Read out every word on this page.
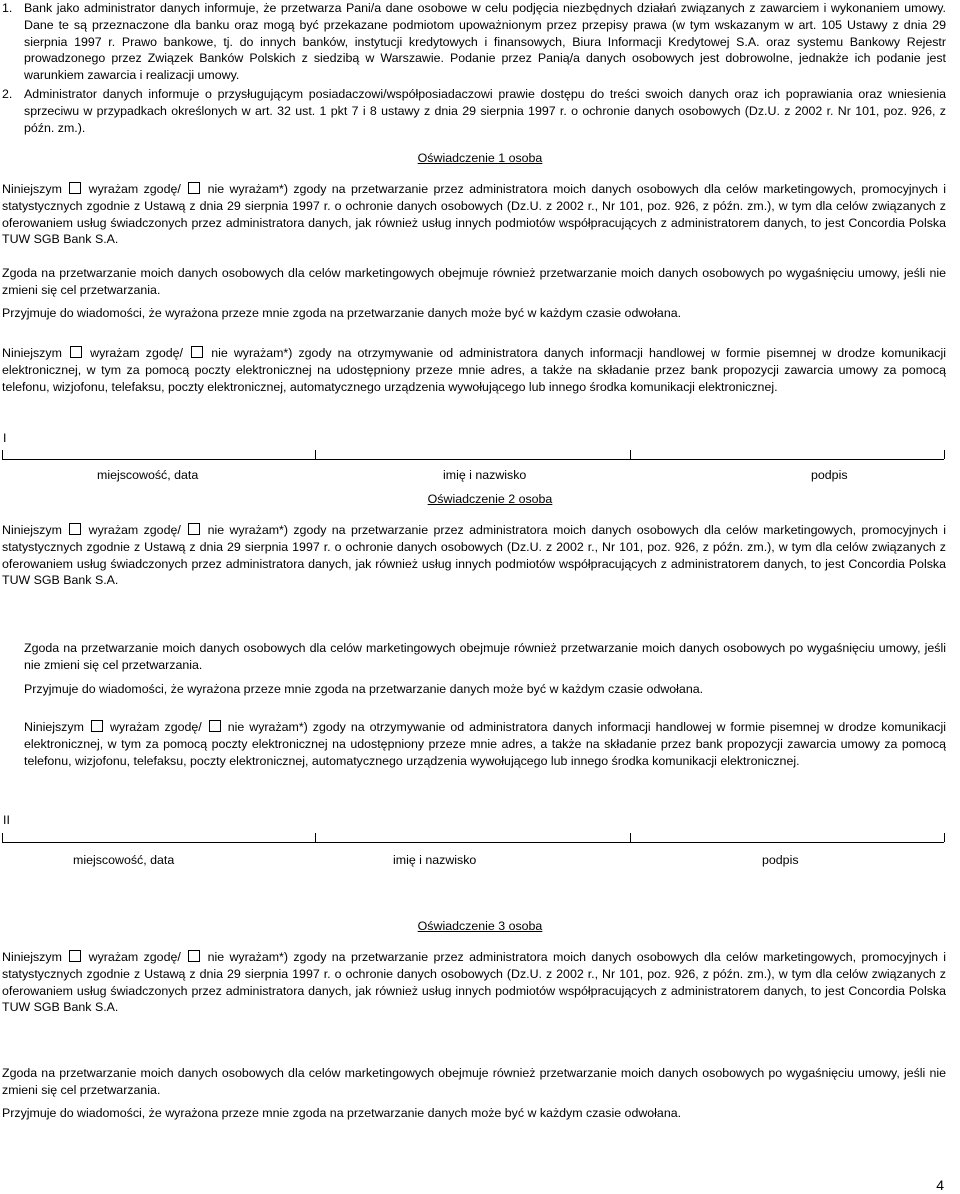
1. Bank jako administrator danych informuje, że przetwarza Pani/a dane osobowe w celu podjęcia niezbędnych działań związanych z zawarciem i wykonaniem umowy. Dane te są przeznaczone dla banku oraz mogą być przekazane podmiotom upoważnionym przez przepisy prawa (w tym wskazanym w art. 105 Ustawy z dnia 29 sierpnia 1997 r. Prawo bankowe, tj. do innych banków, instytucji kredytowych i finansowych, Biura Informacji Kredytowej S.A. oraz systemu Bankowy Rejestr prowadzonego przez Związek Banków Polskich z siedzibą w Warszawie. Podanie przez Panią/a danych osobowych jest dobrowolne, jednakże ich podanie jest warunkiem zawarcia i realizacji umowy.
2. Administrator danych informuje o przysługującym posiadaczowi/współposiadaczowi prawie dostępu do treści swoich danych oraz ich poprawiania oraz wniesienia sprzeciwu w przypadkach określonych w art. 32 ust. 1 pkt 7 i 8 ustawy z dnia 29 sierpnia 1997 r. o ochronie danych osobowych (Dz.U. z 2002 r. Nr 101, poz. 926, z późn. zm.).
Oświadczenie 1 osoba

Niniejszym wyrażam zgodę/ nie wyrażam*) zgody na przetwarzanie przez administratora moich danych osobowych dla celów marketingowych, promocyjnych i statystycznych zgodnie z Ustawą z dnia 29 sierpnia 1997 r. o ochronie danych osobowych (Dz.U. z 2002 r., Nr 101, poz. 926, z późn. zm.), w tym dla celów związanych z oferowaniem usług świadczonych przez administratora danych, jak również usług innych podmiotów współpracujących z administratorem danych, to jest Concordia Polska TUW SGB Bank S.A.

Zgoda na przetwarzanie moich danych osobowych dla celów marketingowych obejmuje również przetwarzanie moich danych osobowych po wygaśnięciu umowy, jeśli nie zmieni się cel przetwarzania.

Przyjmuje do wiadomości, że wyrażona przeze mnie zgoda na przetwarzanie danych może być w każdym czasie odwołana.

Niniejszym wyrażam zgodę/ nie wyrażam*) zgody na otrzymywanie od administratora danych informacji handlowej w formie pisemnej w drodze komunikacji elektronicznej, w tym za pomocą poczty elektronicznej na udostępniony przeze mnie adres, a także na składanie przez bank propozycji zawarcia umowy za pomocą telefonu, wizjofonu, telefaksu, poczty elektronicznej, automatycznego urządzenia wywołującego lub innego środka komunikacji elektronicznej.

I
miejscowość, data	imię i nazwisko	podpis
Oświadczenie 2 osoba

Niniejszym wyrażam zgodę/ nie wyrażam*) zgody na przetwarzanie przez administratora moich danych osobowych dla celów marketingowych, promocyjnych i statystycznych zgodnie z Ustawą z dnia 29 sierpnia 1997 r. o ochronie danych osobowych (Dz.U. z 2002 r., Nr 101, poz. 926, z późn. zm.), w tym dla celów związanych z oferowaniem usług świadczonych przez administratora danych, jak również usług innych podmiotów współpracujących z administratorem danych, to jest Concordia Polska TUW SGB Bank S.A.

Zgoda na przetwarzanie moich danych osobowych dla celów marketingowych obejmuje również przetwarzanie moich danych osobowych po wygaśnięciu umowy, jeśli nie zmieni się cel przetwarzania.

Przyjmuje do wiadomości, że wyrażona przeze mnie zgoda na przetwarzanie danych może być w każdym czasie odwołana.

Niniejszym wyrażam zgodę/ nie wyrażam*) zgody na otrzymywanie od administratora danych informacji handlowej w formie pisemnej w drodze komunikacji elektronicznej, w tym za pomocą poczty elektronicznej na udostępniony przeze mnie adres, a także na składanie przez bank propozycji zawarcia umowy za pomocą telefonu, wizjofonu, telefaksu, poczty elektronicznej, automatycznego urządzenia wywołującego lub innego środka komunikacji elektronicznej.

II
miejscowość, data	imię i nazwisko	podpis
Oświadczenie 3 osoba

Niniejszym wyrażam zgodę/ nie wyrażam*) zgody na przetwarzanie przez administratora moich danych osobowych dla celów marketingowych, promocyjnych i statystycznych zgodnie z Ustawą z dnia 29 sierpnia 1997 r. o ochronie danych osobowych (Dz.U. z 2002 r., Nr 101, poz. 926, z późn. zm.), w tym dla celów związanych z oferowaniem usług świadczonych przez administratora danych, jak również usług innych podmiotów współpracujących z administratorem danych, to jest Concordia Polska TUW SGB Bank S.A.

Zgoda na przetwarzanie moich danych osobowych dla celów marketingowych obejmuje również przetwarzanie moich danych osobowych po wygaśnięciu umowy, jeśli nie zmieni się cel przetwarzania.

Przyjmuje do wiadomości, że wyrażona przeze mnie zgoda na przetwarzanie danych może być w każdym czasie odwołana.

4
